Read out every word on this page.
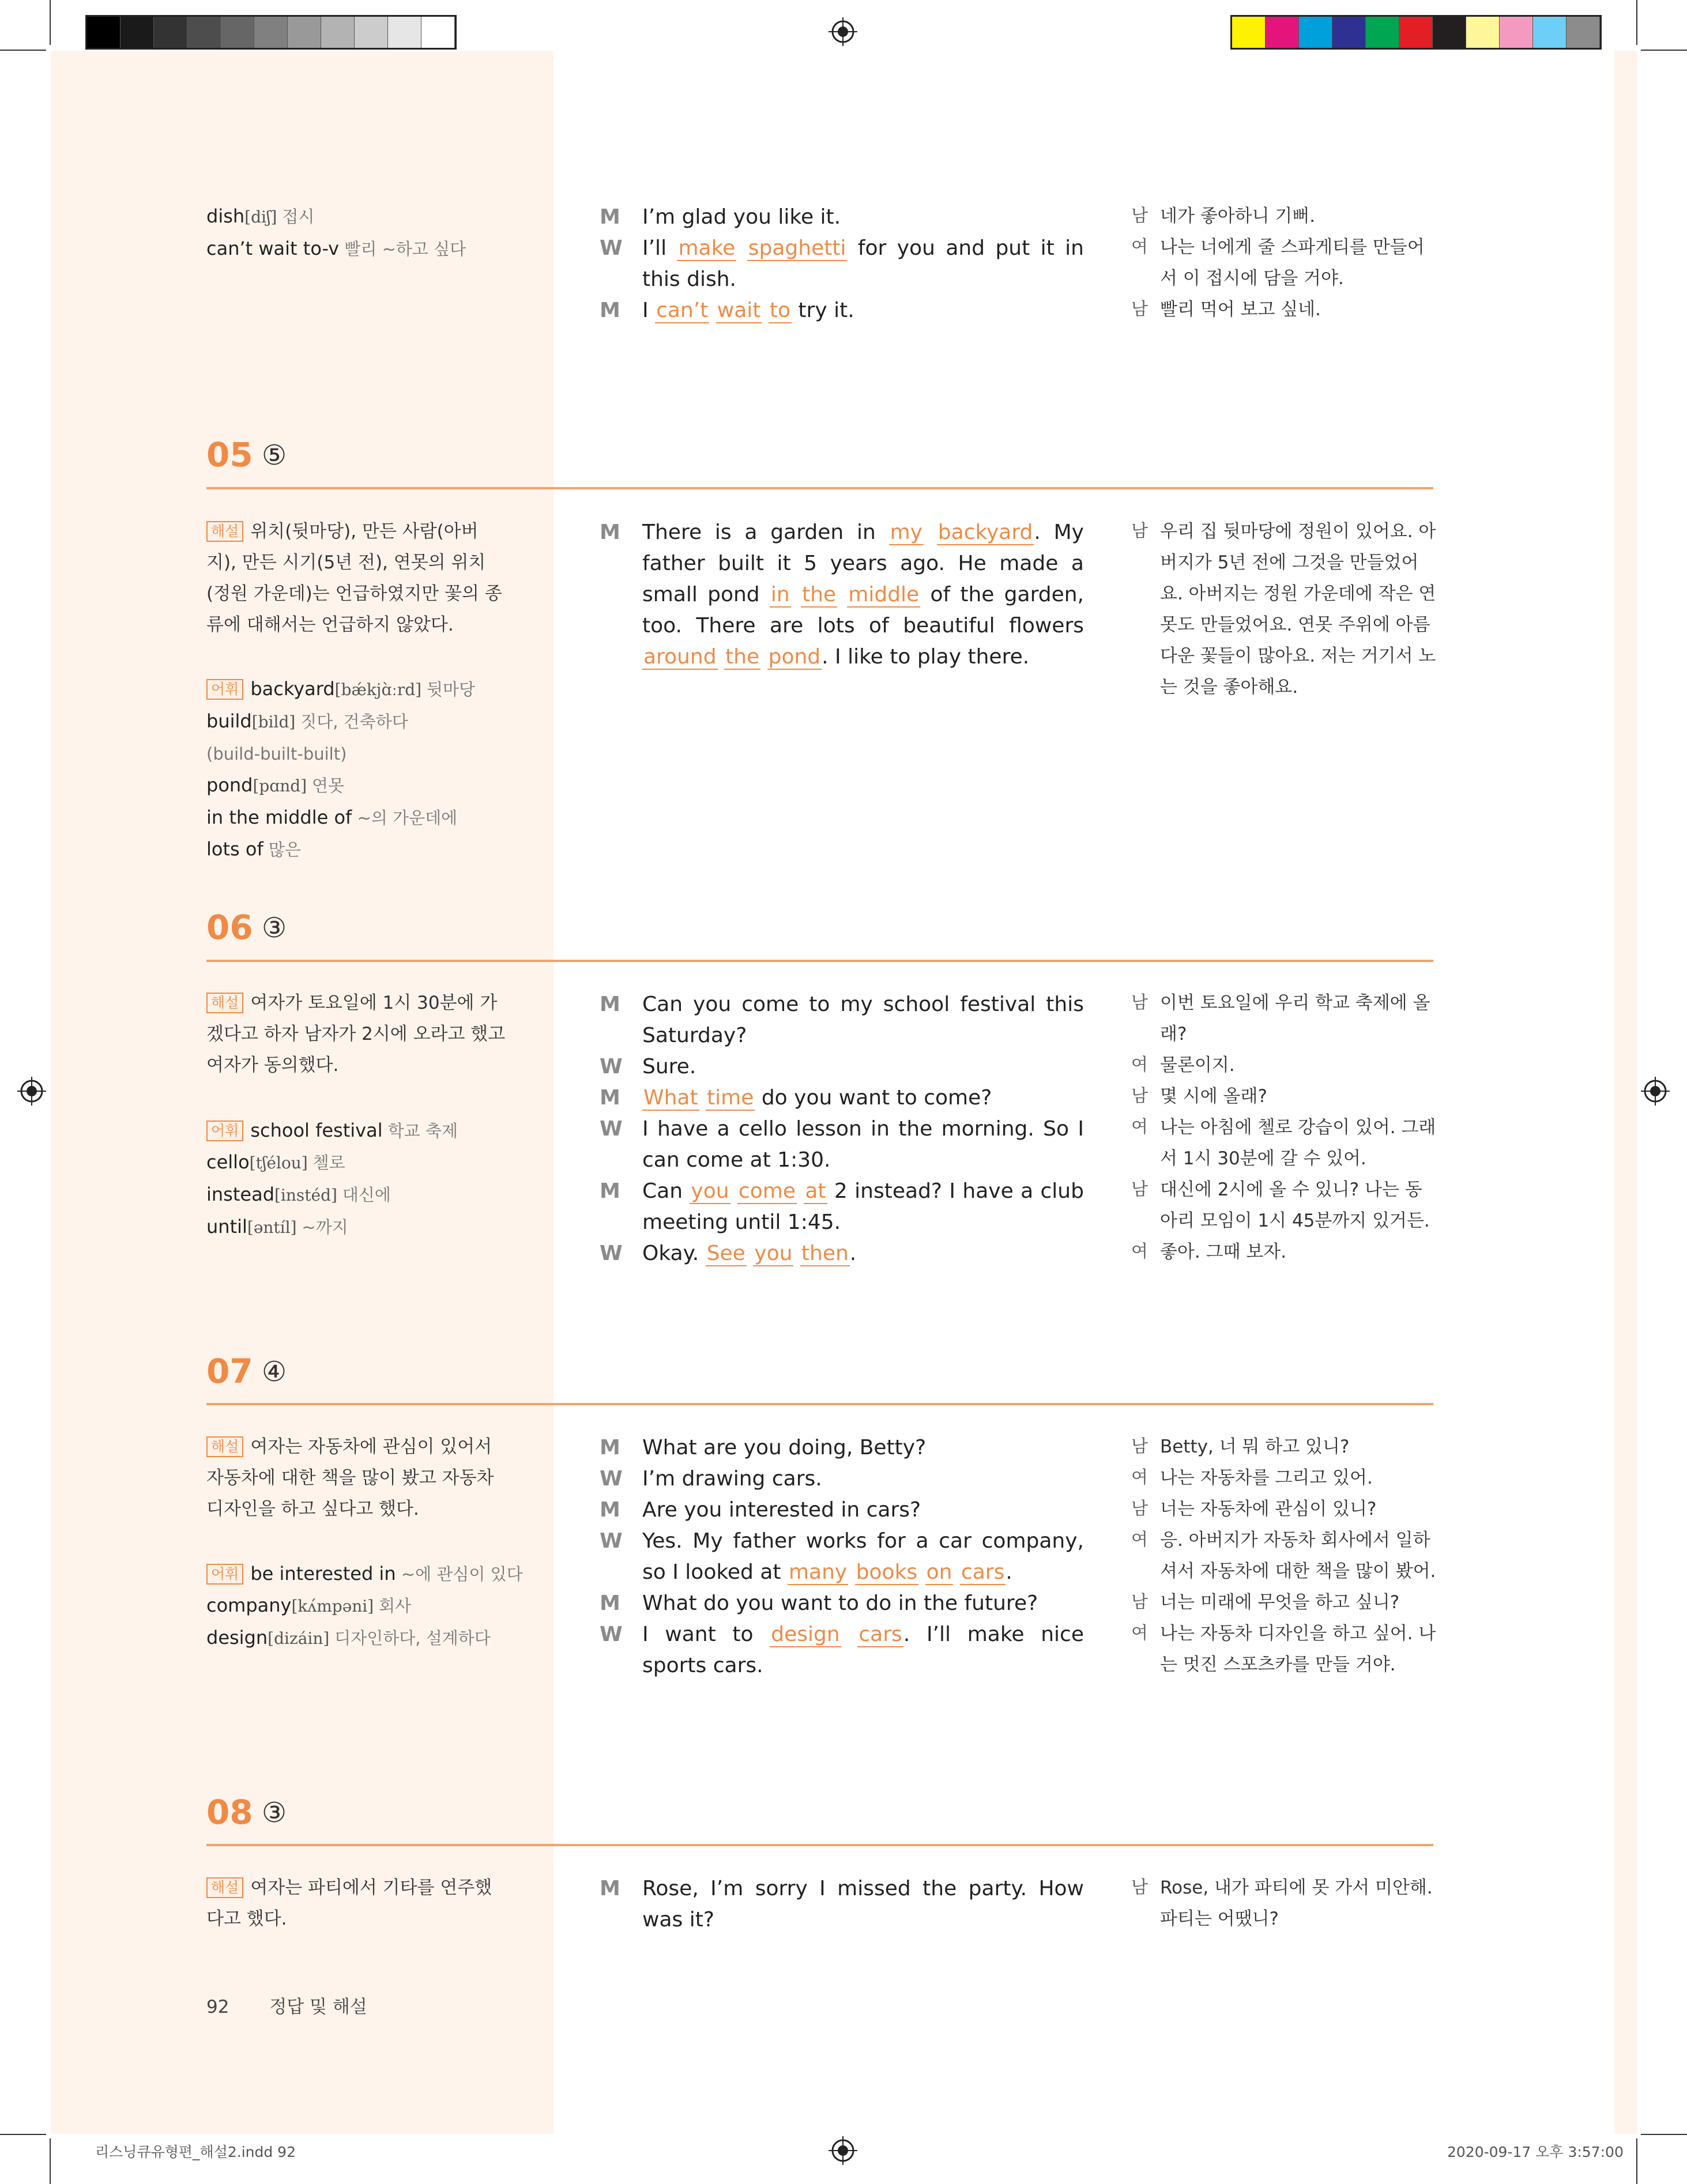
dish[diʃ] 접시
can’t wait to-v 빨리 ~하고 싶다
M	I’m glad you like it.
W I’ll make spaghetti for you and put it in this dish.
M	I can’t wait to try it.
남 네가 좋아하니 기뻐.
여 나는 너에게 줄 스파게티를 만들어서 이 접시에 담을 거야.
남 빨리 먹어 보고 싶네.
05 ⑤
해설 위치(뒷마당), 만든 사람(아버지), 만든 시기(5년 전), 연못의 위치(정원 가운데)는 언급하였지만 꽃의 종류에 대해서는 언급하지 않았다.
어휘 backyard[bǽkjɑ̀ːrd] 뒷마당
build[bild] 짓다, 건축하다
(build-built-built)
pond[pɑnd] 연못
in the middle of ~의 가운데에
lots of 많은
M	There is a garden in my backyard. My father built it 5 years ago. He made a small pond in the middle of the garden, too. There are lots of beautiful flowers around the pond. I like to play there.
남 우리 집 뒷마당에 정원이 있어요. 아버지가 5년 전에 그것을 만들었어요. 아버지는 정원 가운데에 작은 연못도 만들었어요. 연못 주위에 아름다운 꽃들이 많아요. 저는 거기서 노는 것을 좋아해요.
06 ③
해설 여자가 토요일에 1시 30분에 가겠다고 하자 남자가 2시에 오라고 했고 여자가 동의했다.
어휘 school festival 학교 축제
cello[tʃélou] 첼로
instead[instéd] 대신에
until[əntíl] ~까지
M	Can you come to my school festival this Saturday?
W Sure.
M	What time do you want to come?
W I have a cello lesson in the morning. So I can come at 1:30.
M	Can you come at 2 instead? I have a club meeting until 1:45.
W Okay. See you then.
남 이번 토요일에 우리 학교 축제에 올래?
여 물론이지.
남 몇 시에 올래?
여 나는 아침에 첼로 강습이 있어. 그래서 1시 30분에 갈 수 있어.
남 대신에 2시에 올 수 있니? 나는 동아리 모임이 1시 45분까지 있거든.
여 좋아. 그때 보자.
07 ④
해설 여자는 자동차에 관심이 있어서 자동차에 대한 책을 많이 봤고 자동차 디자인을 하고 싶다고 했다.
어휘 be interested in ~에 관심이 있다
company[kʌ́mpəni] 회사
design[dizáin] 디자인하다, 설계하다
M	What are you doing, Betty?
W I’m drawing cars.
M	Are you interested in cars?
W Yes. My father works for a car company, so I looked at many books on cars.
M	What do you want to do in the future?
W I want to design cars. I’ll make nice sports cars.
남 Betty, 너 뭐 하고 있니?
여 나는 자동차를 그리고 있어.
남 너는 자동차에 관심이 있니?
여 응. 아버지가 자동차 회사에서 일하셔서 자동차에 대한 책을 많이 봤어.
남 너는 미래에 무엇을 하고 싶니?
여 나는 자동차 디자인을 하고 싶어. 나는 멋진 스포츠카를 만들 거야.
08 ③
해설 여자는 파티에서 기타를 연주했다고 했다.
M	Rose, I’m sorry I missed the party. How was it?
남 Rose, 내가 파티에 못 가서 미안해. 파티는 어땠니?
92 정답 및 해설
리스닝큐유형편_해설2.indd 92	2020-09-17 오후 3:57:00
